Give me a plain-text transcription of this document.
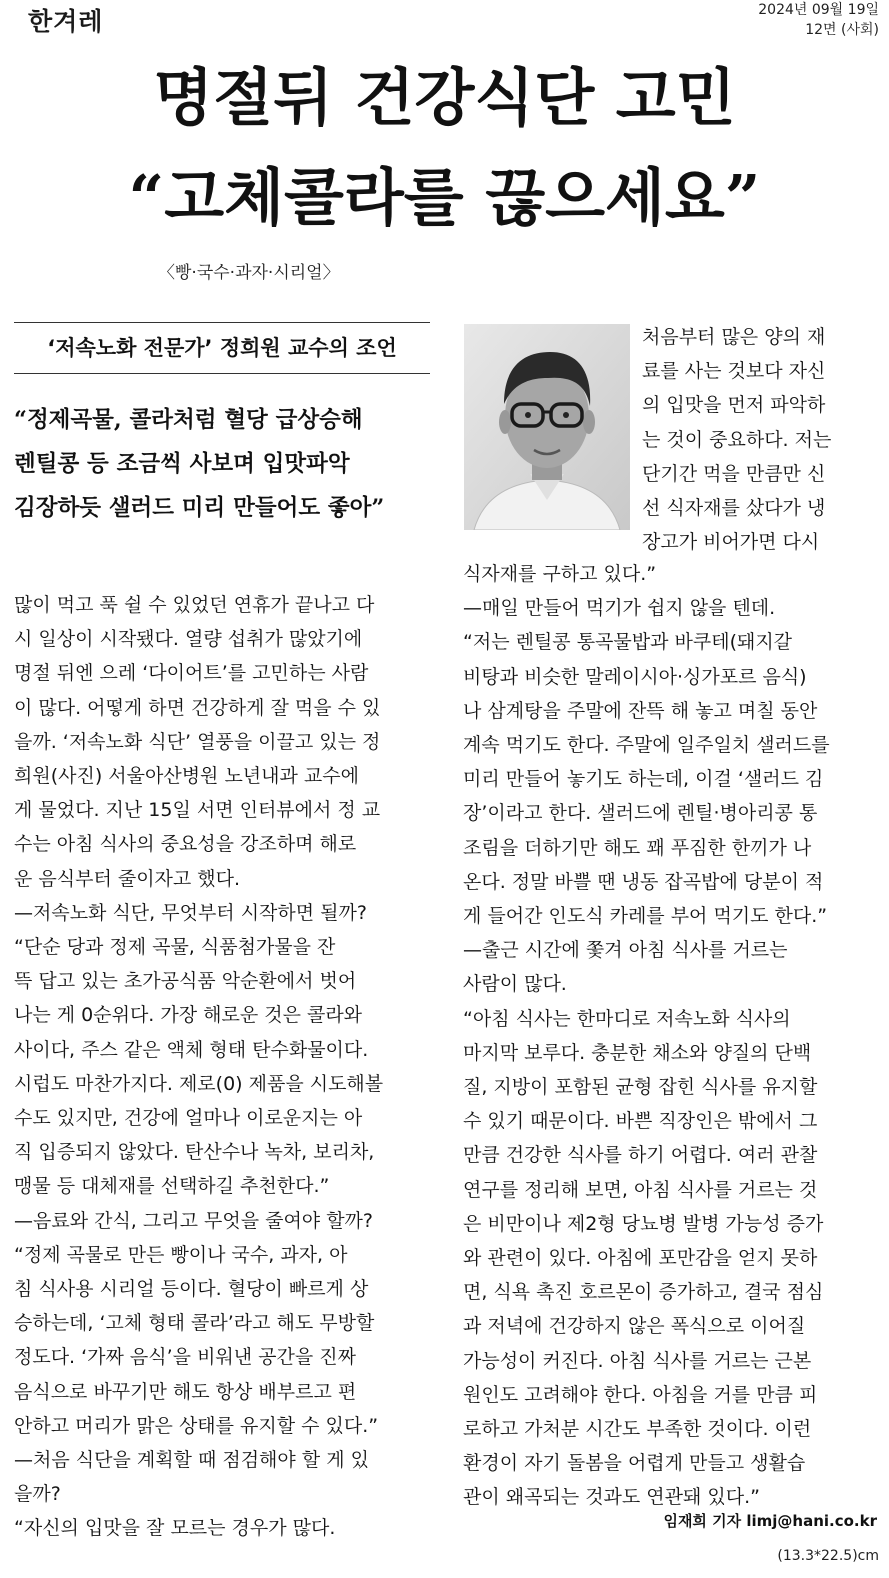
한겨레	2024년 09월 19일
12면 (사회)
명절뒤 건강식단 고민
“고체콜라를 끊으세요”
〈빵·국수·과자·시리얼〉
‘저속노화 전문가’ 정희원 교수의 조언
“정제곡물, 콜라처럼 혈당 급상승해
렌틸콩 등 조금씩 사보며 입맛파악
김장하듯 샐러드 미리 만들어도 좋아”

많이 먹고 푹 쉴 수 있었던 연휴가 끝나고 다

시 일상이 시작됐다. 열량 섭취가 많았기에

명절 뒤엔 으레 ‘다이어트’를 고민하는 사람

이 많다. 어떻게 하면 건강하게 잘 먹을 수 있

을까. ‘저속노화 식단’ 열풍을 이끌고 있는 정

희원(사진) 서울아산병원 노년내과 교수에

게 물었다. 지난 15일 서면 인터뷰에서 정 교

수는 아침 식사의 중요성을 강조하며 해로

운 음식부터 줄이자고 했다.

—저속노화 식단, 무엇부터 시작하면 될까?

“단순 당과 정제 곡물, 식품첨가물을 잔

뜩 답고 있는 초가공식품 악순환에서 벗어

나는 게 0순위다. 가장 해로운 것은 콜라와

사이다, 주스 같은 액체 형태 탄수화물이다.

시럽도 마찬가지다. 제로(0) 제품을 시도해볼

수도 있지만, 건강에 얼마나 이로운지는 아

직 입증되지 않았다. 탄산수나 녹차, 보리차,

맹물 등 대체재를 선택하길 추천한다.”

—음료와 간식, 그리고 무엇을 줄여야 할까?

“정제 곡물로 만든 빵이나 국수, 과자, 아

침 식사용 시리얼 등이다. 혈당이 빠르게 상

승하는데, ‘고체 형태 콜라’라고 해도 무방할

정도다. ‘가짜 음식’을 비워낸 공간을 진짜

음식으로 바꾸기만 해도 항상 배부르고 편

안하고 머리가 맑은 상태를 유지할 수 있다.”

—처음 식단을 계획할 때 점검해야 할 게 있

을까?

“자신의 입맛을 잘 모르는 경우가 많다.

처음부터 많은 양의 재

료를 사는 것보다 자신

의 입맛을 먼저 파악하

는 것이 중요하다. 저는

단기간 먹을 만큼만 신

선 식자재를 샀다가 냉

장고가 비어가면 다시

식자재를 구하고 있다.”

—매일 만들어 먹기가 쉽지 않을 텐데.

“저는 렌틸콩 통곡물밥과 바쿠테(돼지갈

비탕과 비슷한 말레이시아·싱가포르 음식)

나 삼계탕을 주말에 잔뜩 해 놓고 며칠 동안

계속 먹기도 한다. 주말에 일주일치 샐러드를

미리 만들어 놓기도 하는데, 이걸 ‘샐러드 김

장’이라고 한다. 샐러드에 렌틸·병아리콩 통

조림을 더하기만 해도 꽤 푸짐한 한끼가 나

온다. 정말 바쁠 땐 냉동 잡곡밥에 당분이 적

게 들어간 인도식 카레를 부어 먹기도 한다.”

—출근 시간에 쫓겨 아침 식사를 거르는

사람이 많다.

“아침 식사는 한마디로 저속노화 식사의

마지막 보루다. 충분한 채소와 양질의 단백

질, 지방이 포함된 균형 잡힌 식사를 유지할

수 있기 때문이다. 바쁜 직장인은 밖에서 그

만큼 건강한 식사를 하기 어렵다. 여러 관찰

연구를 정리해 보면, 아침 식사를 거르는 것

은 비만이나 제2형 당뇨병 발병 가능성 증가

와 관련이 있다. 아침에 포만감을 얻지 못하

면, 식욕 촉진 호르몬이 증가하고, 결국 점심

과 저녁에 건강하지 않은 폭식으로 이어질

가능성이 커진다. 아침 식사를 거르는 근본

원인도 고려해야 한다. 아침을 거를 만큼 피

로하고 가처분 시간도 부족한 것이다. 이런

환경이 자기 돌봄을 어렵게 만들고 생활습

관이 왜곡되는 것과도 연관돼 있다.”

임재희 기자 limj@hani.co.kr
(13.3*22.5)cm
